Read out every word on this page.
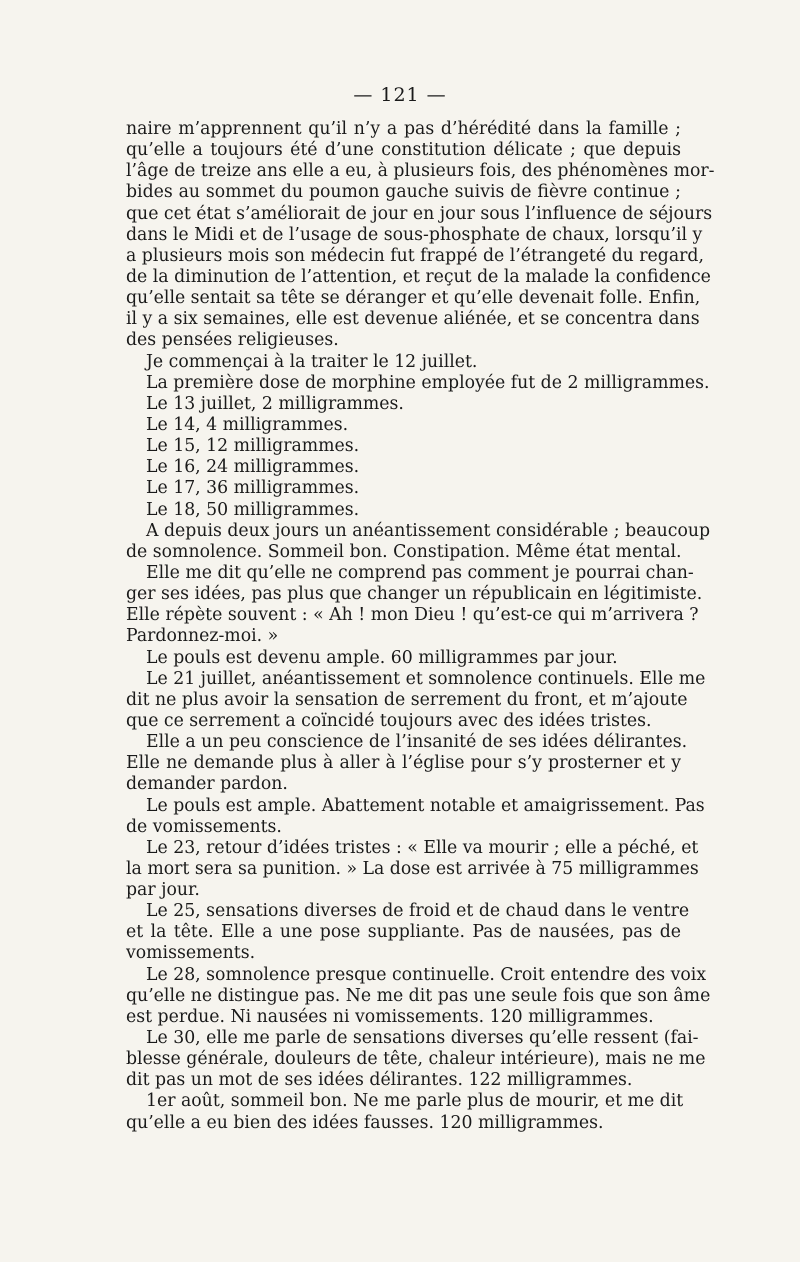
— 121 —
naire m’apprennent qu’il n’y a pas d’hérédité dans la famille ;
qu’elle a toujours été d’une constitution délicate ; que depuis
l’âge de treize ans elle a eu, à plusieurs fois, des phénomènes mor-
bides au sommet du poumon gauche suivis de fièvre continue ;
que cet état s’améliorait de jour en jour sous l’influence de séjours
dans le Midi et de l’usage de sous-phosphate de chaux, lorsqu’il y
a plusieurs mois son médecin fut frappé de l’étrangeté du regard,
de la diminution de l’attention, et reçut de la malade la confidence
qu’elle sentait sa tête se déranger et qu’elle devenait folle. Enfin,
il y a six semaines, elle est devenue aliénée, et se concentra dans
des pensées religieuses.
Je commençai à la traiter le 12 juillet.
La première dose de morphine employée fut de 2 milligrammes.
Le 13 juillet, 2 milligrammes.
Le 14, 4 milligrammes.
Le 15, 12 milligrammes.
Le 16, 24 milligrammes.
Le 17, 36 milligrammes.
Le 18, 50 milligrammes.
A depuis deux jours un anéantissement considérable ; beaucoup
de somnolence. Sommeil bon. Constipation. Même état mental.
Elle me dit qu’elle ne comprend pas comment je pourrai chan-
ger ses idées, pas plus que changer un républicain en légitimiste.
Elle répète souvent : « Ah ! mon Dieu ! qu’est-ce qui m’arrivera ?
Pardonnez-moi. »
Le pouls est devenu ample. 60 milligrammes par jour.
Le 21 juillet, anéantissement et somnolence continuels. Elle me
dit ne plus avoir la sensation de serrement du front, et m’ajoute
que ce serrement a coïncidé toujours avec des idées tristes.
Elle a un peu conscience de l’insanité de ses idées délirantes.
Elle ne demande plus à aller à l’église pour s’y prosterner et y
demander pardon.
Le pouls est ample. Abattement notable et amaigrissement. Pas
de vomissements.
Le 23, retour d’idées tristes : « Elle va mourir ; elle a péché, et
la mort sera sa punition. » La dose est arrivée à 75 milligrammes
par jour.
Le 25, sensations diverses de froid et de chaud dans le ventre
et la tête. Elle a une pose suppliante. Pas de nausées, pas de
vomissements.
Le 28, somnolence presque continuelle. Croit entendre des voix
qu’elle ne distingue pas. Ne me dit pas une seule fois que son âme
est perdue. Ni nausées ni vomissements. 120 milligrammes.
Le 30, elle me parle de sensations diverses qu’elle ressent (fai-
blesse générale, douleurs de tête, chaleur intérieure), mais ne me
dit pas un mot de ses idées délirantes. 122 milligrammes.
1er août, sommeil bon. Ne me parle plus de mourir, et me dit
qu’elle a eu bien des idées fausses. 120 milligrammes.
